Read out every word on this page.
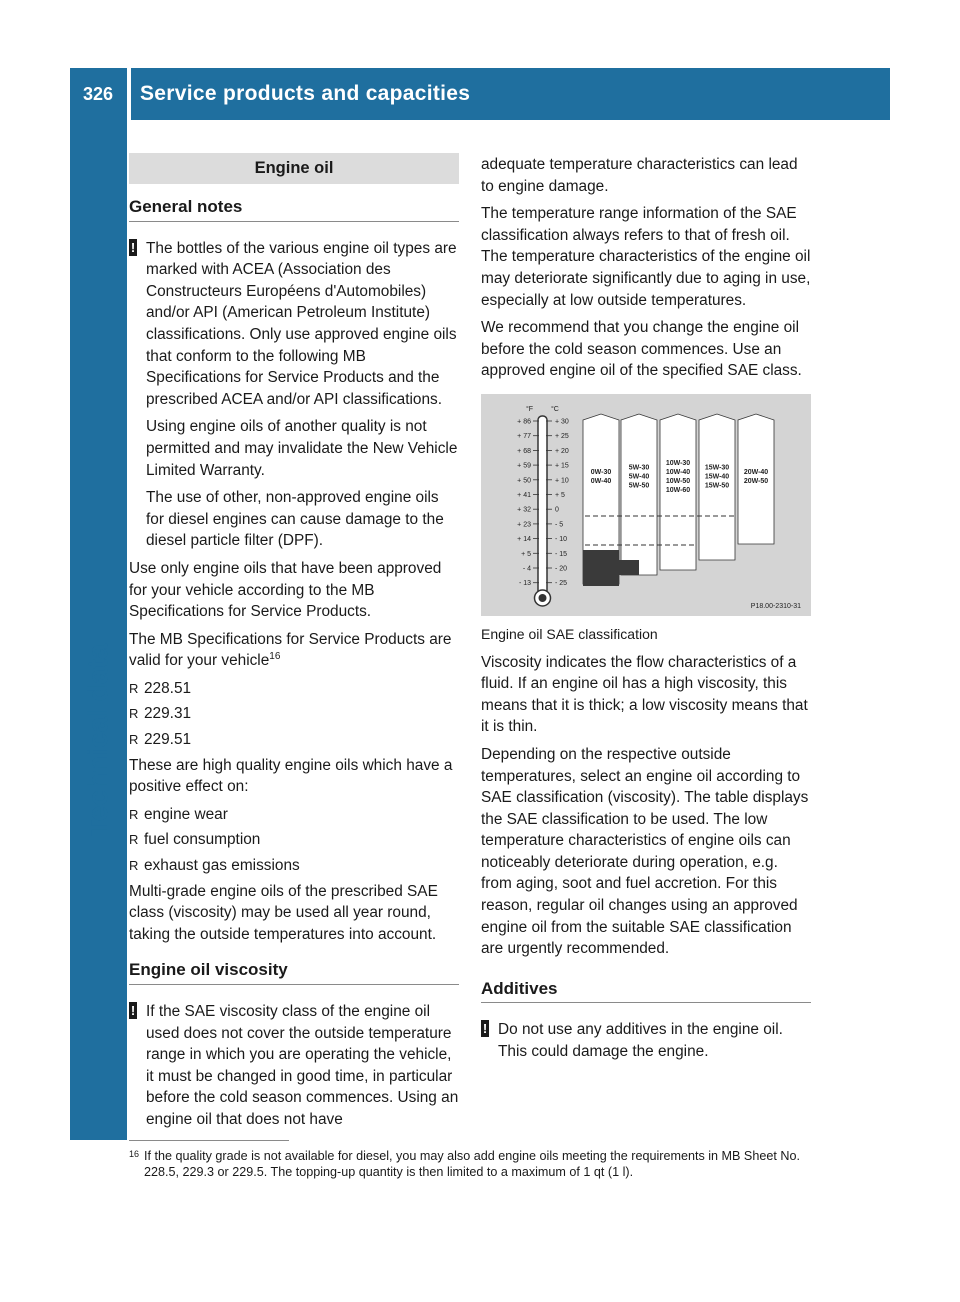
326	Service products and capacities
Technical data
Engine oil
General notes
! The bottles of the various engine oil types are marked with ACEA (Association des Constructeurs Européens d'Automobiles) and/or API (American Petroleum Institute) classifications. Only use approved engine oils that conform to the following MB Specifications for Service Products and the prescribed ACEA and/or API classifications.

Using engine oils of another quality is not permitted and may invalidate the New Vehicle Limited Warranty.

The use of other, non-approved engine oils for diesel engines can cause damage to the diesel particle filter (DPF).

Use only engine oils that have been approved for your vehicle according to the MB Specifications for Service Products.

The MB Specifications for Service Products are valid for your vehicle$^{16}$

R 228.51
R 229.31
R 229.51

These are high quality engine oils which have a positive effect on:

R engine wear
R fuel consumption
R exhaust gas emissions

Multi-grade engine oils of the prescribed SAE class (viscosity) may be used all year round, taking the outside temperatures into account.

Engine oil viscosity
! If the SAE viscosity class of the engine oil used does not cover the outside temperature range in which you are operating the vehicle, it must be changed in good time, in particular before the cold season commences. Using an engine oil that does not have

adequate temperature characteristics can lead to engine damage.

The temperature range information of the SAE classification always refers to that of fresh oil. The temperature characteristics of the engine oil may deteriorate significantly due to aging in use, especially at low outside temperatures.

We recommend that you change the engine oil before the cold season commences. Use an approved engine oil of the specified SAE class.

°F	°C
+ 86	+ 30
+ 77	+ 25
+ 68	+ 20
+ 59	+ 15
+ 50	+ 10
+ 41	+ 5
+ 32	0
+ 23	- 5
+ 14	- 10
+ 5	- 15
- 4	- 20
- 13	- 25
0W-30
0W-40
5W-30
5W-40
5W-50
10W-30
10W-40
10W-50
10W-60
15W-30
15W-40
15W-50
20W-40
20W-50
P18.00-2310-31

Engine oil SAE classification

Viscosity indicates the flow characteristics of a fluid. If an engine oil has a high viscosity, this means that it is thick; a low viscosity means that it is thin.

Depending on the respective outside temperatures, select an engine oil according to SAE classification (viscosity). The table displays the SAE classification to be used. The low temperature characteristics of engine oils can noticeably deteriorate during operation, e.g. from aging, soot and fuel accretion. For this reason, regular oil changes using an approved engine oil from the suitable SAE classification are urgently recommended.

Additives
! Do not use any additives in the engine oil. This could damage the engine.

16 If the quality grade is not available for diesel, you may also add engine oils meeting the requirements in MB Sheet No. 228.5, 229.3 or 229.5. The topping-up quantity is then limited to a maximum of 1 qt (1 l).
